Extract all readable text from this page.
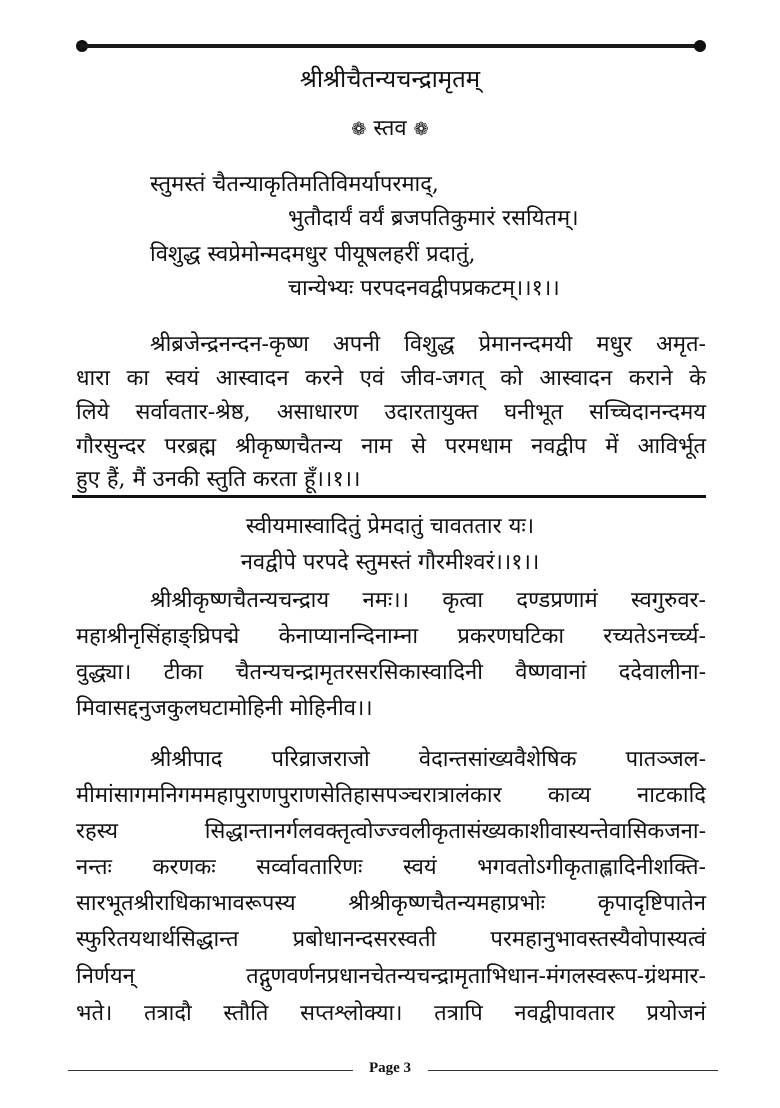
श्रीश्रीचैतन्यचन्द्रामृतम्
❁ स्तव ❁
स्तुमस्तं चैतन्याकृतिमतिविमर्यापरमाद्,
भुतौदार्यं वर्यं ब्रजपतिकुमारं रसयितम्।
विशुद्ध स्वप्रेमोन्मदमधुर पीयूषलहरीं प्रदातुं,
चान्येभ्यः परपदनवद्वीपप्रकटम्।।१।।
श्रीब्रजेन्द्रनन्दन-कृष्ण अपनी विशुद्ध प्रेमानन्दमयी मधुर अमृत-
धारा का स्वयं आस्वादन करने एवं जीव-जगत् को आस्वादन कराने के
लिये सर्वावतार-श्रेष्ठ, असाधारण उदारतायुक्त घनीभूत सच्चिदानन्दमय
गौरसुन्दर परब्रह्म श्रीकृष्णचैतन्य नाम से परमधाम नवद्वीप में आविर्भूत
हुए हैं, मैं उनकी स्तुति करता हूँ।।१।।
स्वीयमास्वादितुं प्रेमदातुं चावततार यः।
नवद्वीपे परपदे स्तुमस्तं गौरमीश्वरं।।१।।
श्रीश्रीकृष्णचैतन्यचन्द्राय नमः।। कृत्वा दण्डप्रणामं स्वगुरुवर-
महाश्रीनृसिंहाङ्घ्रिपद्मे केनाप्यानन्दिनाम्ना प्रकरणघटिका रच्यतेऽनर्च्च्य-
वुद्ध्या। टीका चैतन्यचन्द्रामृतरसरसिकास्वादिनी वैष्णवानां ददेवालीना-
मिवासद्दनुजकुलघटामोहिनी मोहिनीव।।
श्रीश्रीपाद परिव्राजराजो वेदान्तसांख्यवैशेषिक पातञ्जल-
मीमांसागमनिगममहापुराणपुराणसेतिहासपञ्चरात्रालंकार काव्य नाटकादि
रहस्य सिद्धान्तानर्गलवक्तृत्वोज्ज्वलीकृतासंख्यकाशीवास्यन्तेवासिकजना-
नन्तः करणकः सर्व्वावतारिणः स्वयं भगवतोऽगीकृताह्लादिनीशक्ति-
सारभूतश्रीराधिकाभावरूपस्य श्रीश्रीकृष्णचैतन्यमहाप्रभोः कृपादृष्टिपातेन
स्फुरितयथार्थसिद्धान्त प्रबोधानन्दसरस्वती परमहानुभावस्तस्यैवोपास्यत्वं
निर्णयन् तद्गुणवर्णनप्रधानचेतन्यचन्द्रामृताभिधान-मंगलस्वरूप-ग्रंथमार-
भते। तत्रादौ स्तौति सप्तश्लोक्या। तत्रापि नवद्वीपावतार प्रयोजनं
Page 3
